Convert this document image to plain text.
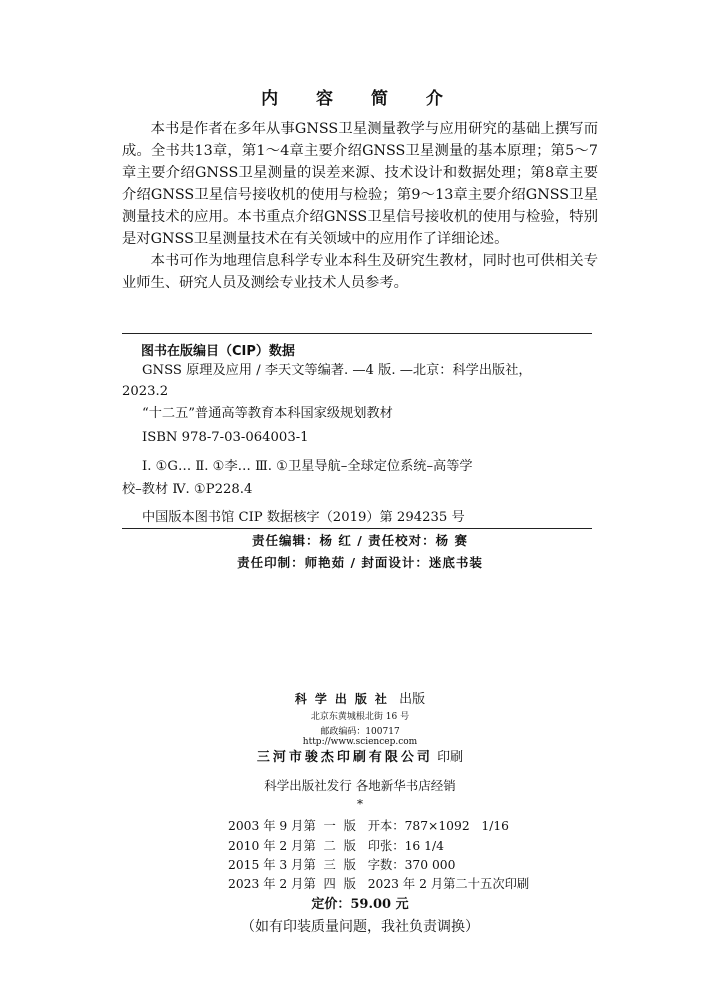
内 容 简 介

本书是作者在多年从事GNSS卫星测量教学与应用研究的基础上撰写而成。全书共13章，第1～4章主要介绍GNSS卫星测量的基本原理；第5～7章主要介绍GNSS卫星测量的误差来源、技术设计和数据处理；第8章主要介绍GNSS卫星信号接收机的使用与检验；第9～13章主要介绍GNSS卫星测量技术的应用。本书重点介绍GNSS卫星信号接收机的使用与检验，特别是对GNSS卫星测量技术在有关领域中的应用作了详细论述。

本书可作为地理信息科学专业本科生及研究生教材，同时也可供相关专业师生、研究人员及测绘专业技术人员参考。

图书在版编目（CIP）数据
GNSS 原理及应用 / 李天文等编著. —4 版. —北京：科学出版社，
2023.2
“十二五”普通高等教育本科国家级规划教材
ISBN 978-7-03-064003-1
Ⅰ. ①G… Ⅱ. ①李… Ⅲ. ①卫星导航–全球定位系统–高等学
校–教材 Ⅳ. ①P228.4
中国版本图书馆 CIP 数据核字（2019）第 294235 号
责任编辑：杨 红 / 责任校对：杨 赛
责任印制：师艳茹 / 封面设计：迷底书装
科学出版社 出版
北京东黄城根北街 16 号
邮政编码：100717
http://www.sciencep.com
三河市骏杰印刷有限公司 印刷
科学出版社发行 各地新华书店经销
*
2003 年 9 月第  一  版   开本：787×1092   1/16
2010 年 2 月第  二  版   印张：16 1/4
2015 年 3 月第  三  版   字数：370 000
2023 年 2 月第  四  版   2023 年 2 月第二十五次印刷
定价：59.00 元
（如有印装质量问题，我社负责调换）
